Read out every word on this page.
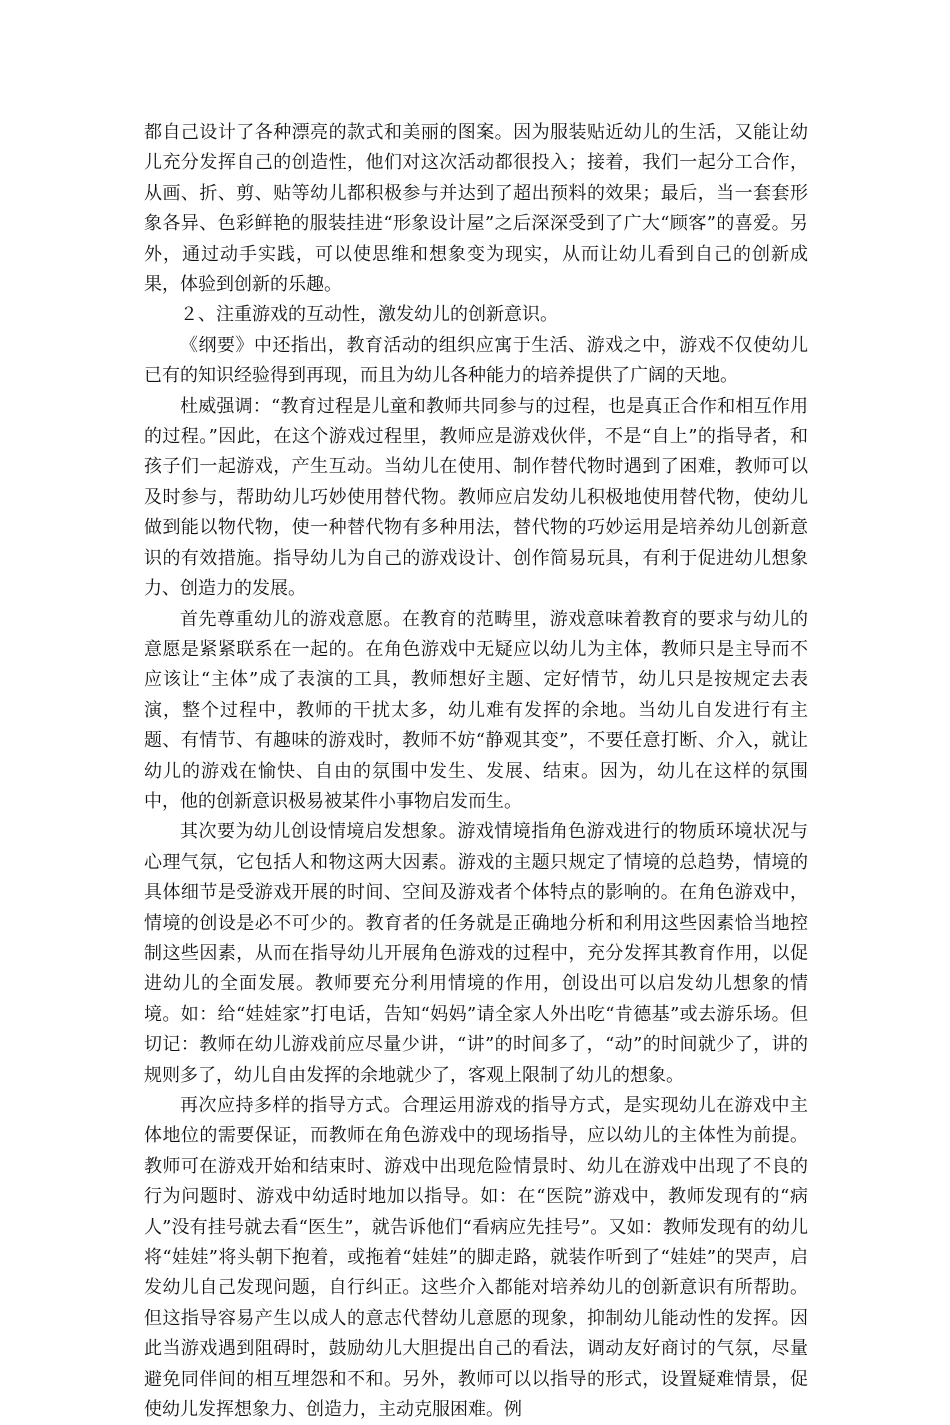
都自己设计了各种漂亮的款式和美丽的图案。因为服装贴近幼儿的生活，又能让幼儿充分发挥自己的创造性，他们对这次活动都很投入；接着，我们一起分工合作，从画、折、剪、贴等幼儿都积极参与并达到了超出预料的效果；最后，当一套套形象各异、色彩鲜艳的服装挂进“形象设计屋”之后深深受到了广大“顾客”的喜爱。另外，通过动手实践，可以使思维和想象变为现实，从而让幼儿看到自己的创新成果，体验到创新的乐趣。

２、注重游戏的互动性，激发幼儿的创新意识。

《纲要》中还指出，教育活动的组织应寓于生活、游戏之中，游戏不仅使幼儿已有的知识经验得到再现，而且为幼儿各种能力的培养提供了广阔的天地。

杜威强调：“教育过程是儿童和教师共同参与的过程，也是真正合作和相互作用的过程。”因此，在这个游戏过程里，教师应是游戏伙伴，不是“自上”的指导者，和孩子们一起游戏，产生互动。当幼儿在使用、制作替代物时遇到了困难，教师可以及时参与，帮助幼儿巧妙使用替代物。教师应启发幼儿积极地使用替代物，使幼儿做到能以物代物，使一种替代物有多种用法，替代物的巧妙运用是培养幼儿创新意识的有效措施。指导幼儿为自己的游戏设计、创作简易玩具，有利于促进幼儿想象力、创造力的发展。

首先尊重幼儿的游戏意愿。在教育的范畴里，游戏意味着教育的要求与幼儿的意愿是紧紧联系在一起的。在角色游戏中无疑应以幼儿为主体，教师只是主导而不应该让“主体”成了表演的工具，教师想好主题、定好情节，幼儿只是按规定去表演，整个过程中，教师的干扰太多，幼儿难有发挥的余地。当幼儿自发进行有主题、有情节、有趣味的游戏时，教师不妨“静观其变”，不要任意打断、介入，就让幼儿的游戏在愉快、自由的氛围中发生、发展、结束。因为，幼儿在这样的氛围中，他的创新意识极易被某件小事物启发而生。

其次要为幼儿创设情境启发想象。游戏情境指角色游戏进行的物质环境状况与心理气氛，它包括人和物这两大因素。游戏的主题只规定了情境的总趋势，情境的具体细节是受游戏开展的时间、空间及游戏者个体特点的影响的。在角色游戏中，情境的创设是必不可少的。教育者的任务就是正确地分析和利用这些因素恰当地控制这些因素，从而在指导幼儿开展角色游戏的过程中，充分发挥其教育作用，以促进幼儿的全面发展。教师要充分利用情境的作用，创设出可以启发幼儿想象的情境。如：给“娃娃家”打电话，告知“妈妈”请全家人外出吃“肯德基”或去游乐场。但切记：教师在幼儿游戏前应尽量少讲，“讲”的时间多了，“动”的时间就少了，讲的规则多了，幼儿自由发挥的余地就少了，客观上限制了幼儿的想象。

再次应持多样的指导方式。合理运用游戏的指导方式，是实现幼儿在游戏中主体地位的需要保证，而教师在角色游戏中的现场指导，应以幼儿的主体性为前提。教师可在游戏开始和结束时、游戏中出现危险情景时、幼儿在游戏中出现了不良的行为问题时、游戏中幼适时地加以指导。如：在“医院”游戏中，教师发现有的“病人”没有挂号就去看“医生”，就告诉他们“看病应先挂号”。又如：教师发现有的幼儿将“娃娃”将头朝下抱着，或拖着“娃娃”的脚走路，就装作听到了“娃娃”的哭声，启发幼儿自己发现问题，自行纠正。这些介入都能对培养幼儿的创新意识有所帮助。但这指导容易产生以成人的意志代替幼儿意愿的现象，抑制幼儿能动性的发挥。因此当游戏遇到阻碍时，鼓励幼儿大胆提出自己的看法，调动友好商讨的气氛，尽量避免同伴间的相互埋怨和不和。另外，教师可以以指导的形式，设置疑难情景，促使幼儿发挥想象力、创造力，主动克服困难。例
